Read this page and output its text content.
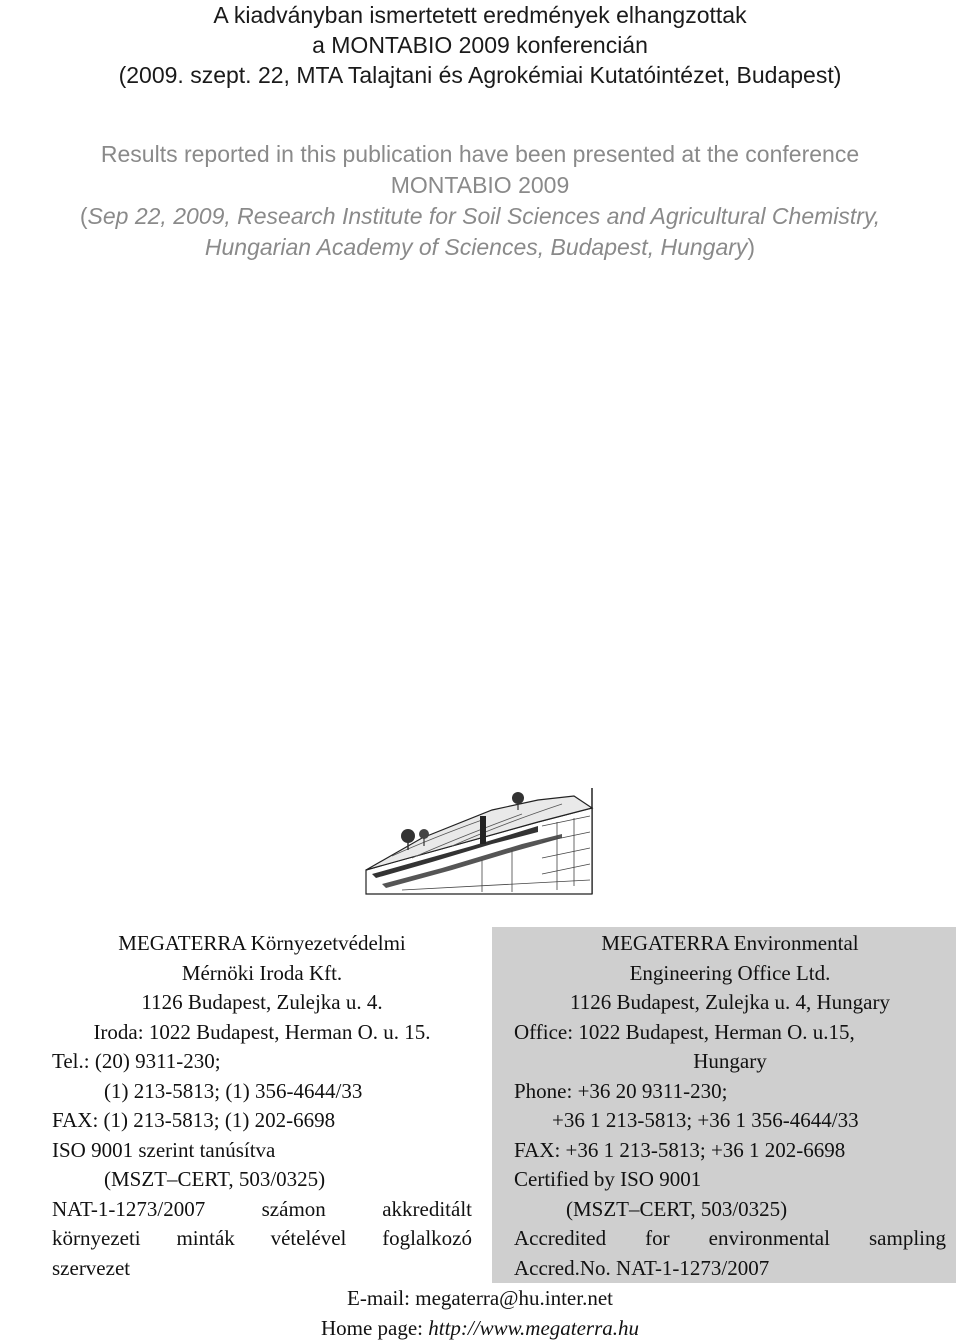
A kiadványban ismertetett eredmények elhangzottak
a MONTABIO 2009 konferencián
(2009. szept. 22, MTA Talajtani és Agrokémiai Kutatóintézet, Budapest)
Results reported in this publication have been presented at the conference
MONTABIO 2009
(Sep 22, 2009, Research Institute for Soil Sciences and Agricultural Chemistry,
Hungarian Academy of Sciences, Budapest, Hungary)
MEGATERRA Környezetvédelmi
Mérnöki Iroda Kft.
1126 Budapest, Zulejka u. 4.
Iroda: 1022 Budapest, Herman O. u. 15.
Tel.: (20) 9311-230;
(1) 213-5813; (1) 356-4644/33
FAX: (1) 213-5813; (1) 202-6698
ISO 9001 szerint tanúsítva
(MSZT–CERT, 503/0325)
NAT-1-1273/2007 számon akkreditált
környezeti minták vételével foglalkozó
szervezet
MEGATERRA Environmental
Engineering Office Ltd.
1126 Budapest, Zulejka u. 4, Hungary
Office: 1022 Budapest, Herman O. u.15,
Hungary
Phone: +36 20 9311-230;
+36 1 213-5813; +36 1 356-4644/33
FAX: +36 1 213-5813; +36 1 202-6698
Certified by ISO 9001
(MSZT–CERT, 503/0325)
Accredited for environmental sampling
Accred.No. NAT-1-1273/2007
E-mail: megaterra@hu.inter.net
Home page: http://www.megaterra.hu
